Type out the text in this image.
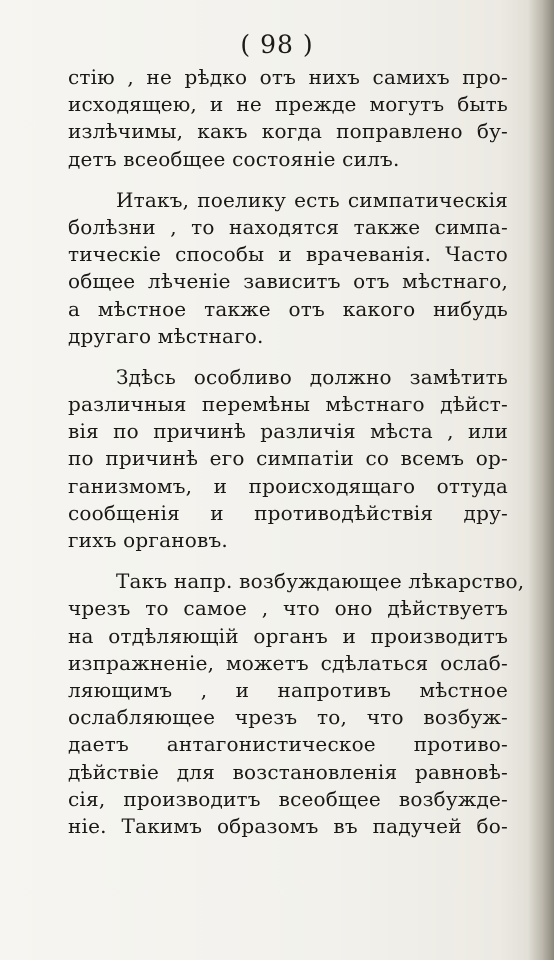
( 98 )
стію , не рѣдко отъ нихъ самихъ про-
исходящею, и не прежде могутъ быть
излѣчимы, какъ когда поправлено бу-
детъ всеобщее состояніе силъ.
Итакъ, поелику есть симпатическія
болѣзни , то находятся также симпа-
тическіе способы и врачеванія. Часто
общее лѣченіе зависитъ отъ мѣстнаго,
а мѣстное также отъ какого нибудь
другаго мѣстнаго.
Здѣсь особливо должно замѣтить
различныя перемѣны мѣстнаго дѣйст-
вія по причинѣ различія мѣста , или
по причинѣ его симпатіи со всемъ ор-
ганизмомъ, и происходящаго оттуда
сообщенія и противодѣйствія дру-
гихъ органовъ.
Такъ напр. возбуждающее лѣкарство,
чрезъ то самое , что оно дѣйствуетъ
на отдѣляющій органъ и производитъ
изпражненіе, можетъ сдѣлаться ослаб-
ляющимъ , и напротивъ мѣстное
ослабляющее чрезъ то, что возбуж-
даетъ антагонистическое противо-
дѣйствіе для возстановленія равновѣ-
сія, производитъ всеобщее возбужде-
ніе. Такимъ образомъ въ падучей бо-
